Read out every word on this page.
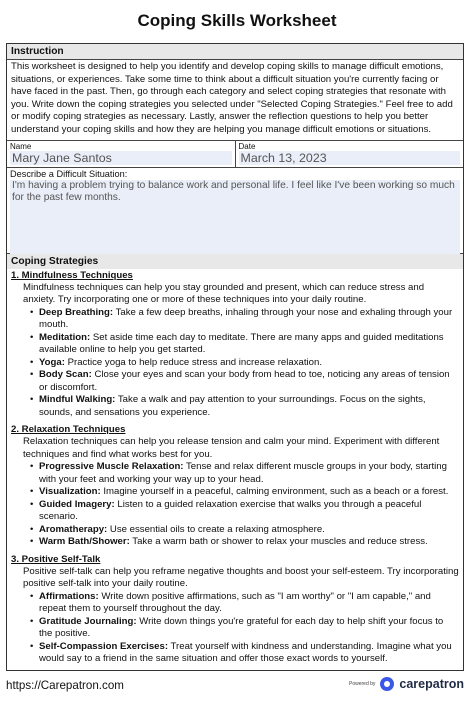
Coping Skills Worksheet
Instruction
This worksheet is designed to help you identify and develop coping skills to manage difficult emotions, situations, or experiences. Take some time to think about a difficult situation you're currently facing or have faced in the past. Then, go through each category and select coping strategies that resonate with you. Write down the coping strategies you selected under "Selected Coping Strategies." Feel free to add or modify coping strategies as necessary. Lastly, answer the reflection questions to help you better understand your coping skills and how they are helping you manage difficult emotions or situations.
Name
Mary Jane Santos
Date
March 13, 2023
Describe a Difficult Situation:
I'm having a problem trying to balance work and personal life. I feel like I've been working so much for the past few months.
Coping Strategies
1. Mindfulness Techniques
Mindfulness techniques can help you stay grounded and present, which can reduce stress and anxiety. Try incorporating one or more of these techniques into your daily routine.
• Deep Breathing: Take a few deep breaths, inhaling through your nose and exhaling through your mouth.
• Meditation: Set aside time each day to meditate. There are many apps and guided meditations available online to help you get started.
• Yoga: Practice yoga to help reduce stress and increase relaxation.
• Body Scan: Close your eyes and scan your body from head to toe, noticing any areas of tension or discomfort.
• Mindful Walking: Take a walk and pay attention to your surroundings. Focus on the sights, sounds, and sensations you experience.
2. Relaxation Techniques
Relaxation techniques can help you release tension and calm your mind. Experiment with different techniques and find what works best for you.
• Progressive Muscle Relaxation: Tense and relax different muscle groups in your body, starting with your feet and working your way up to your head.
• Visualization: Imagine yourself in a peaceful, calming environment, such as a beach or a forest.
• Guided Imagery: Listen to a guided relaxation exercise that walks you through a peaceful scenario.
• Aromatherapy: Use essential oils to create a relaxing atmosphere.
• Warm Bath/Shower: Take a warm bath or shower to relax your muscles and reduce stress.
3. Positive Self-Talk
Positive self-talk can help you reframe negative thoughts and boost your self-esteem. Try incorporating positive self-talk into your daily routine.
• Affirmations: Write down positive affirmations, such as "I am worthy" or "I am capable," and repeat them to yourself throughout the day.
• Gratitude Journaling: Write down things you're grateful for each day to help shift your focus to the positive.
• Self-Compassion Exercises: Treat yourself with kindness and understanding. Imagine what you would say to a friend in the same situation and offer those exact words to yourself.
https://Carepatron.com	Powered by carepatron
